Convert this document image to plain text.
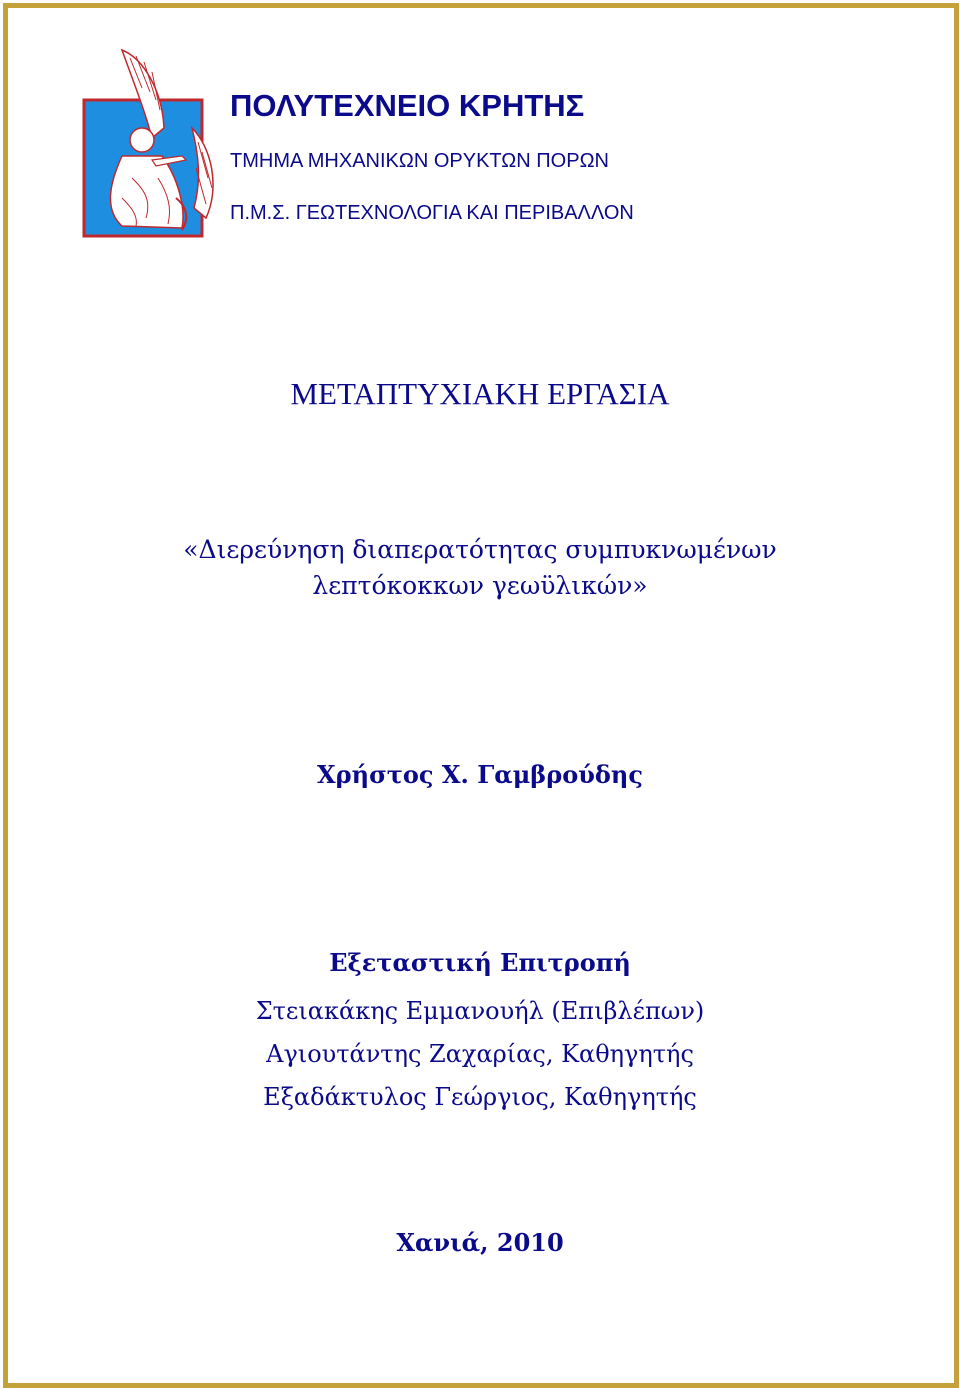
ΠΟΛΥΤΕΧΝΕΙΟ ΚΡΗΤΗΣ
ΤΜΗΜΑ ΜΗΧΑΝΙΚΩΝ ΟΡΥΚΤΩΝ ΠΟΡΩΝ
Π.Μ.Σ. ΓΕΩΤΕΧΝΟΛΟΓΙΑ ΚΑΙ ΠΕΡΙΒΑΛΛΟΝ
ΜΕΤΑΠΤΥΧΙΑΚΗ ΕΡΓΑΣΙΑ
«Διερεύνηση διαπερατότητας συμπυκνωμένων
λεπτόκοκκων γεωϋλικών»
Χρήστος Χ. Γαμβρούδης
Εξεταστική Επιτροπή
Στειακάκης Εμμανουήλ (Επιβλέπων)
Αγιουτάντης Ζαχαρίας, Καθηγητής
Εξαδάκτυλος Γεώργιος, Καθηγητής
Χανιά, 2010
